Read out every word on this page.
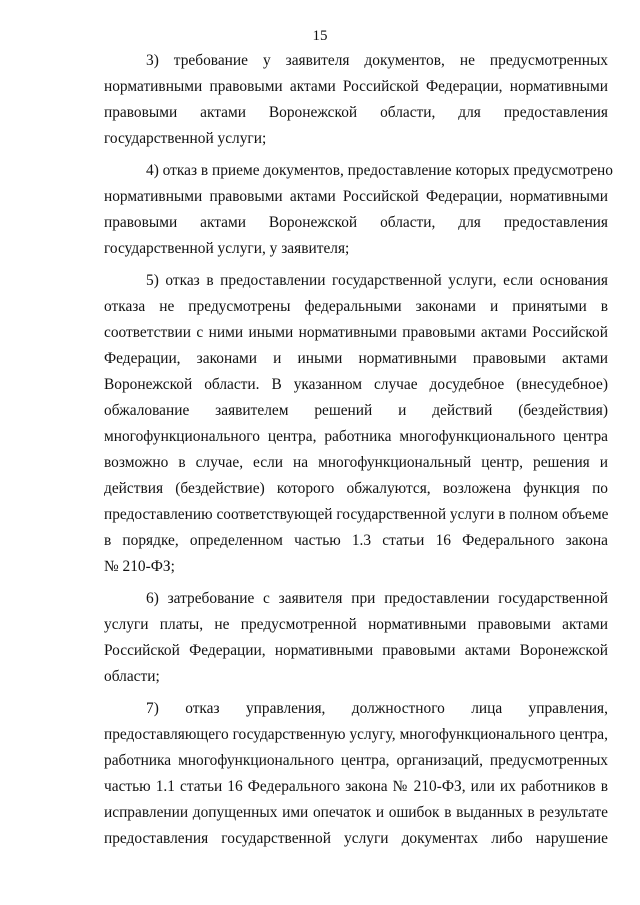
15
3) требование у заявителя документов, не предусмотренных
нормативными правовыми актами Российской Федерации, нормативными
правовыми актами Воронежской области, для предоставления
государственной услуги;
4) отказ в приеме документов, предоставление которых предусмотрено
нормативными правовыми актами Российской Федерации, нормативными
правовыми актами Воронежской области, для предоставления
государственной услуги, у заявителя;
5) отказ в предоставлении государственной услуги, если основания
отказа не предусмотрены федеральными законами и принятыми в
соответствии с ними иными нормативными правовыми актами Российской
Федерации, законами и иными нормативными правовыми актами
Воронежской области. В указанном случае досудебное (внесудебное)
обжалование заявителем решений и действий (бездействия)
многофункционального центра, работника многофункционального центра
возможно в случае, если на многофункциональный центр, решения и
действия (бездействие) которого обжалуются, возложена функция по
предоставлению соответствующей государственной услуги в полном объеме
в порядке, определенном частью 1.3 статьи 16 Федерального закона
№ 210-ФЗ;
6) затребование с заявителя при предоставлении государственной
услуги платы, не предусмотренной нормативными правовыми актами
Российской Федерации, нормативными правовыми актами Воронежской
области;
7) отказ управления, должностного лица управления,
предоставляющего государственную услугу, многофункционального центра,
работника многофункционального центра, организаций, предусмотренных
частью 1.1 статьи 16 Федерального закона № 210-ФЗ, или их работников в
исправлении допущенных ими опечаток и ошибок в выданных в результате
предоставления государственной услуги документах либо нарушение
